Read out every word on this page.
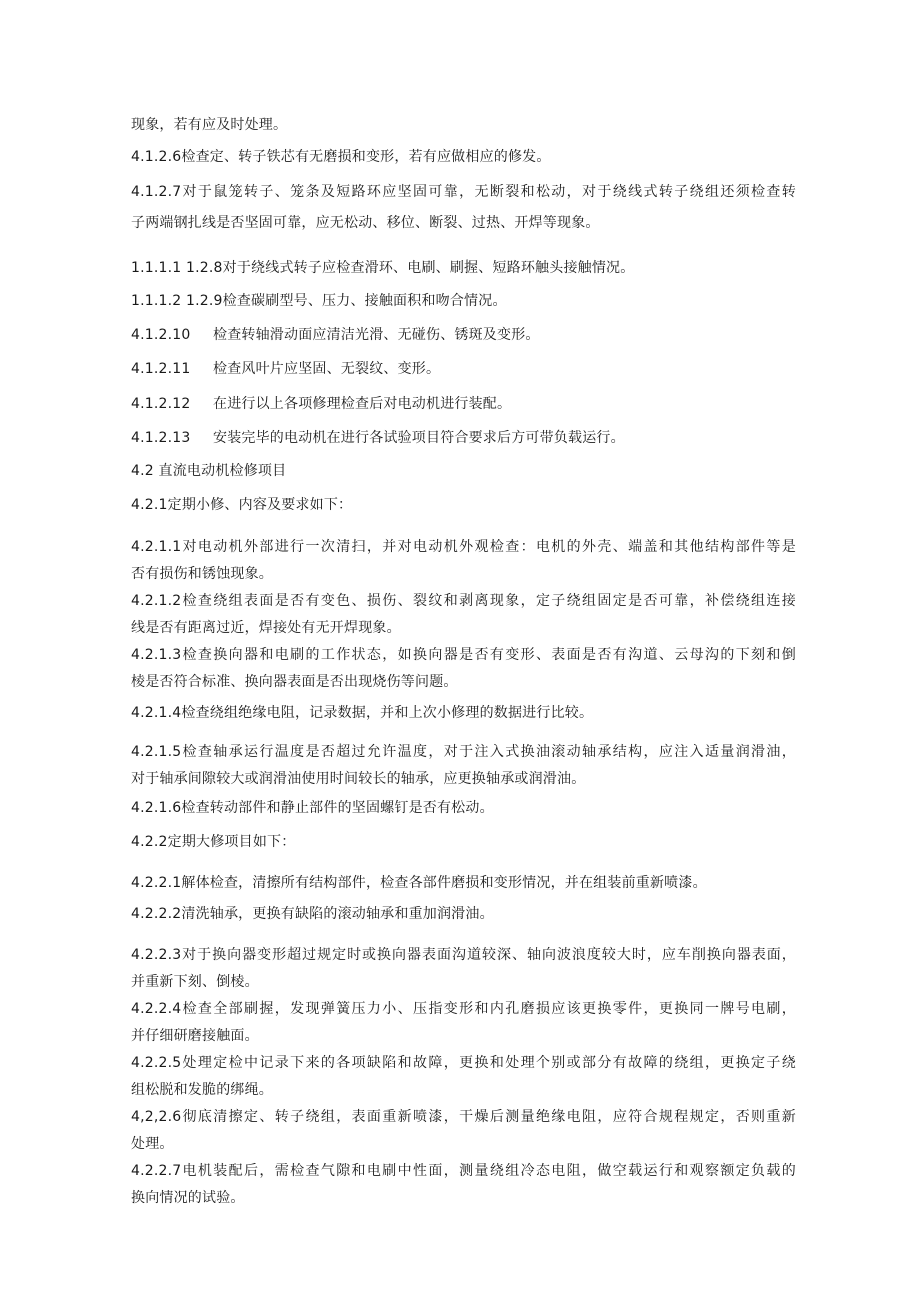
现象，若有应及时处理。
4.1.2.6检查定、转子铁芯有无磨损和变形，若有应做相应的修发。
4.1.2.7对于鼠笼转子、笼条及短路环应坚固可靠，无断裂和松动，对于绕线式转子绕组还须检查转
子两端钢扎线是否坚固可靠，应无松动、移位、断裂、过热、开焊等现象。
1.1.1.1 1.2.8对于绕线式转子应检查滑环、电刷、刷握、短路环触头接触情况。
1.1.1.2 1.2.9检查碳刷型号、压力、接触面积和吻合情况。
4.1.2.10 检查转轴滑动面应清洁光滑、无碰伤、锈斑及变形。
4.1.2.11 检查风叶片应坚固、无裂纹、变形。
4.1.2.12 在进行以上各项修理检查后对电动机进行装配。
4.1.2.13 安装完毕的电动机在进行各试验项目符合要求后方可带负载运行。
4.2 直流电动机检修项目
4.2.1定期小修、内容及要求如下：
4.2.1.1对电动机外部进行一次清扫，并对电动机外观检查：电机的外壳、端盖和其他结构部件等是
否有损伤和锈蚀现象。
4.2.1.2检查绕组表面是否有变色、损伤、裂纹和剥离现象，定子绕组固定是否可靠，补偿绕组连接
线是否有距离过近，焊接处有无开焊现象。
4.2.1.3检查换向器和电刷的工作状态，如换向器是否有变形、表面是否有沟道、云母沟的下刻和倒
棱是否符合标准、换向器表面是否出现烧伤等问题。
4.2.1.4检查绕组绝缘电阻，记录数据，并和上次小修理的数据进行比较。
4.2.1.5检查轴承运行温度是否超过允许温度，对于注入式换油滚动轴承结构，应注入适量润滑油，
对于轴承间隙较大或润滑油使用时间较长的轴承，应更换轴承或润滑油。
4.2.1.6检查转动部件和静止部件的坚固螺钉是否有松动。
4.2.2定期大修项目如下：
4.2.2.1解体检查，清擦所有结构部件，检查各部件磨损和变形情况，并在组装前重新喷漆。
4.2.2.2清洗轴承，更换有缺陷的滚动轴承和重加润滑油。
4.2.2.3对于换向器变形超过规定时或换向器表面沟道较深、轴向波浪度较大时，应车削换向器表面，
并重新下刻、倒棱。
4.2.2.4检查全部刷握，发现弹簧压力小、压指变形和内孔磨损应该更换零件，更换同一牌号电刷，
并仔细研磨接触面。
4.2.2.5处理定检中记录下来的各项缺陷和故障，更换和处理个别或部分有故障的绕组，更换定子绕
组松脱和发脆的绑绳。
4,2,2.6彻底清擦定、转子绕组，表面重新喷漆，干燥后测量绝缘电阻，应符合规程规定，否则重新
处理。
4.2.2.7电机装配后，需检查气隙和电刷中性面，测量绕组冷态电阻，做空载运行和观察额定负载的
换向情况的试验。
